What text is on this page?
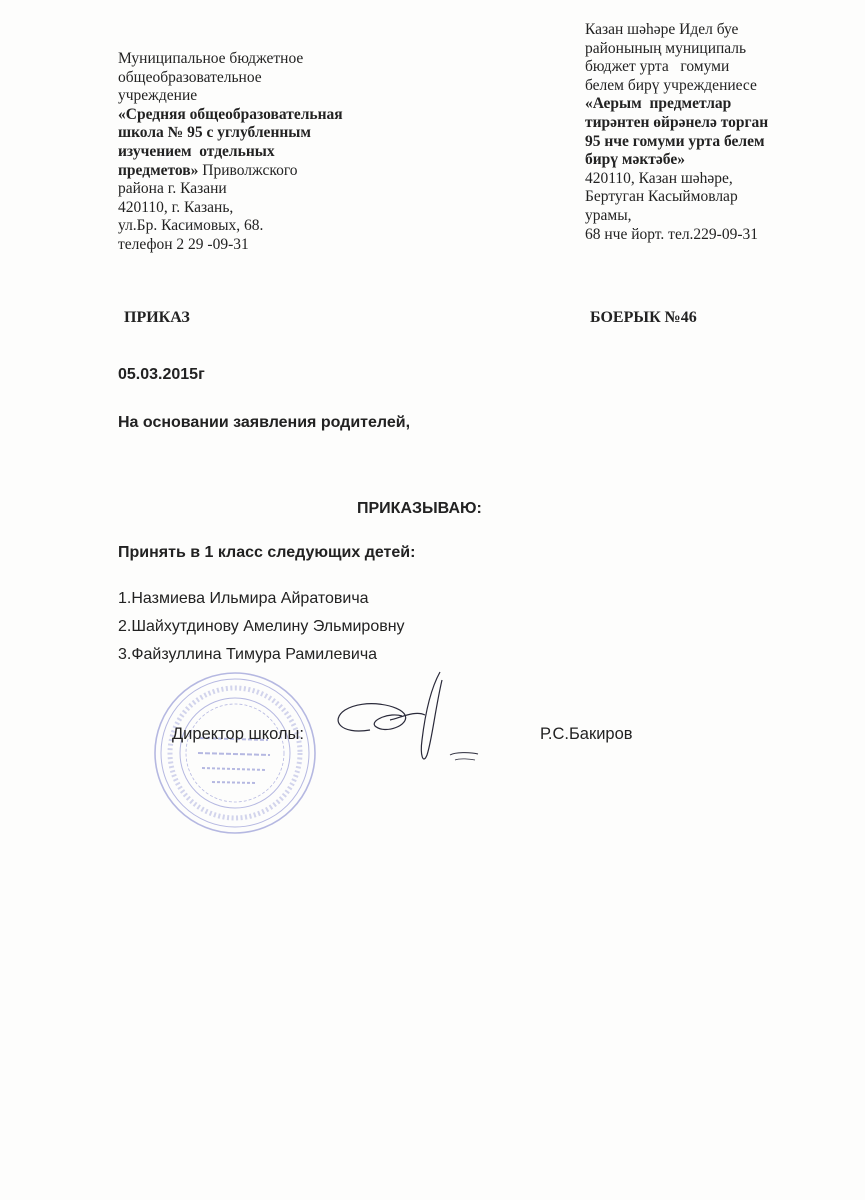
Муниципальное бюджетное
общеобразовательное
учреждение
«Средняя общеобразовательная
школа № 95 с углубленным
изучением  отдельных
предметов» Приволжского
района г. Казани
420110, г. Казань,
ул.Бр. Касимовых, 68.
телефон 2 29 -09-31
Казан шәһәре Идел буе
районының муниципаль
бюджет урта   гомуми
белем бирү учреждениесе
«Аерым  предметлар
тирәнтен өйрәнелә торган
95 нче гомуми урта белем
бирү мәктәбе»
420110, Казан шәһәре,
Бертуган Касыймовлар
урамы,
68 нче йорт. тел.229-09-31
ПРИКАЗ	БОЕРЫК №46
05.03.2015г
На основании заявления родителей,
ПРИКАЗЫВАЮ:
Принять в 1 класс следующих детей:
1.Назмиева Ильмира Айратовича
2.Шайхутдинову Амелину Эльмировну
3.Файзуллина Тимура Рамилевича
Директор школы:	Р.С.Бакиров
